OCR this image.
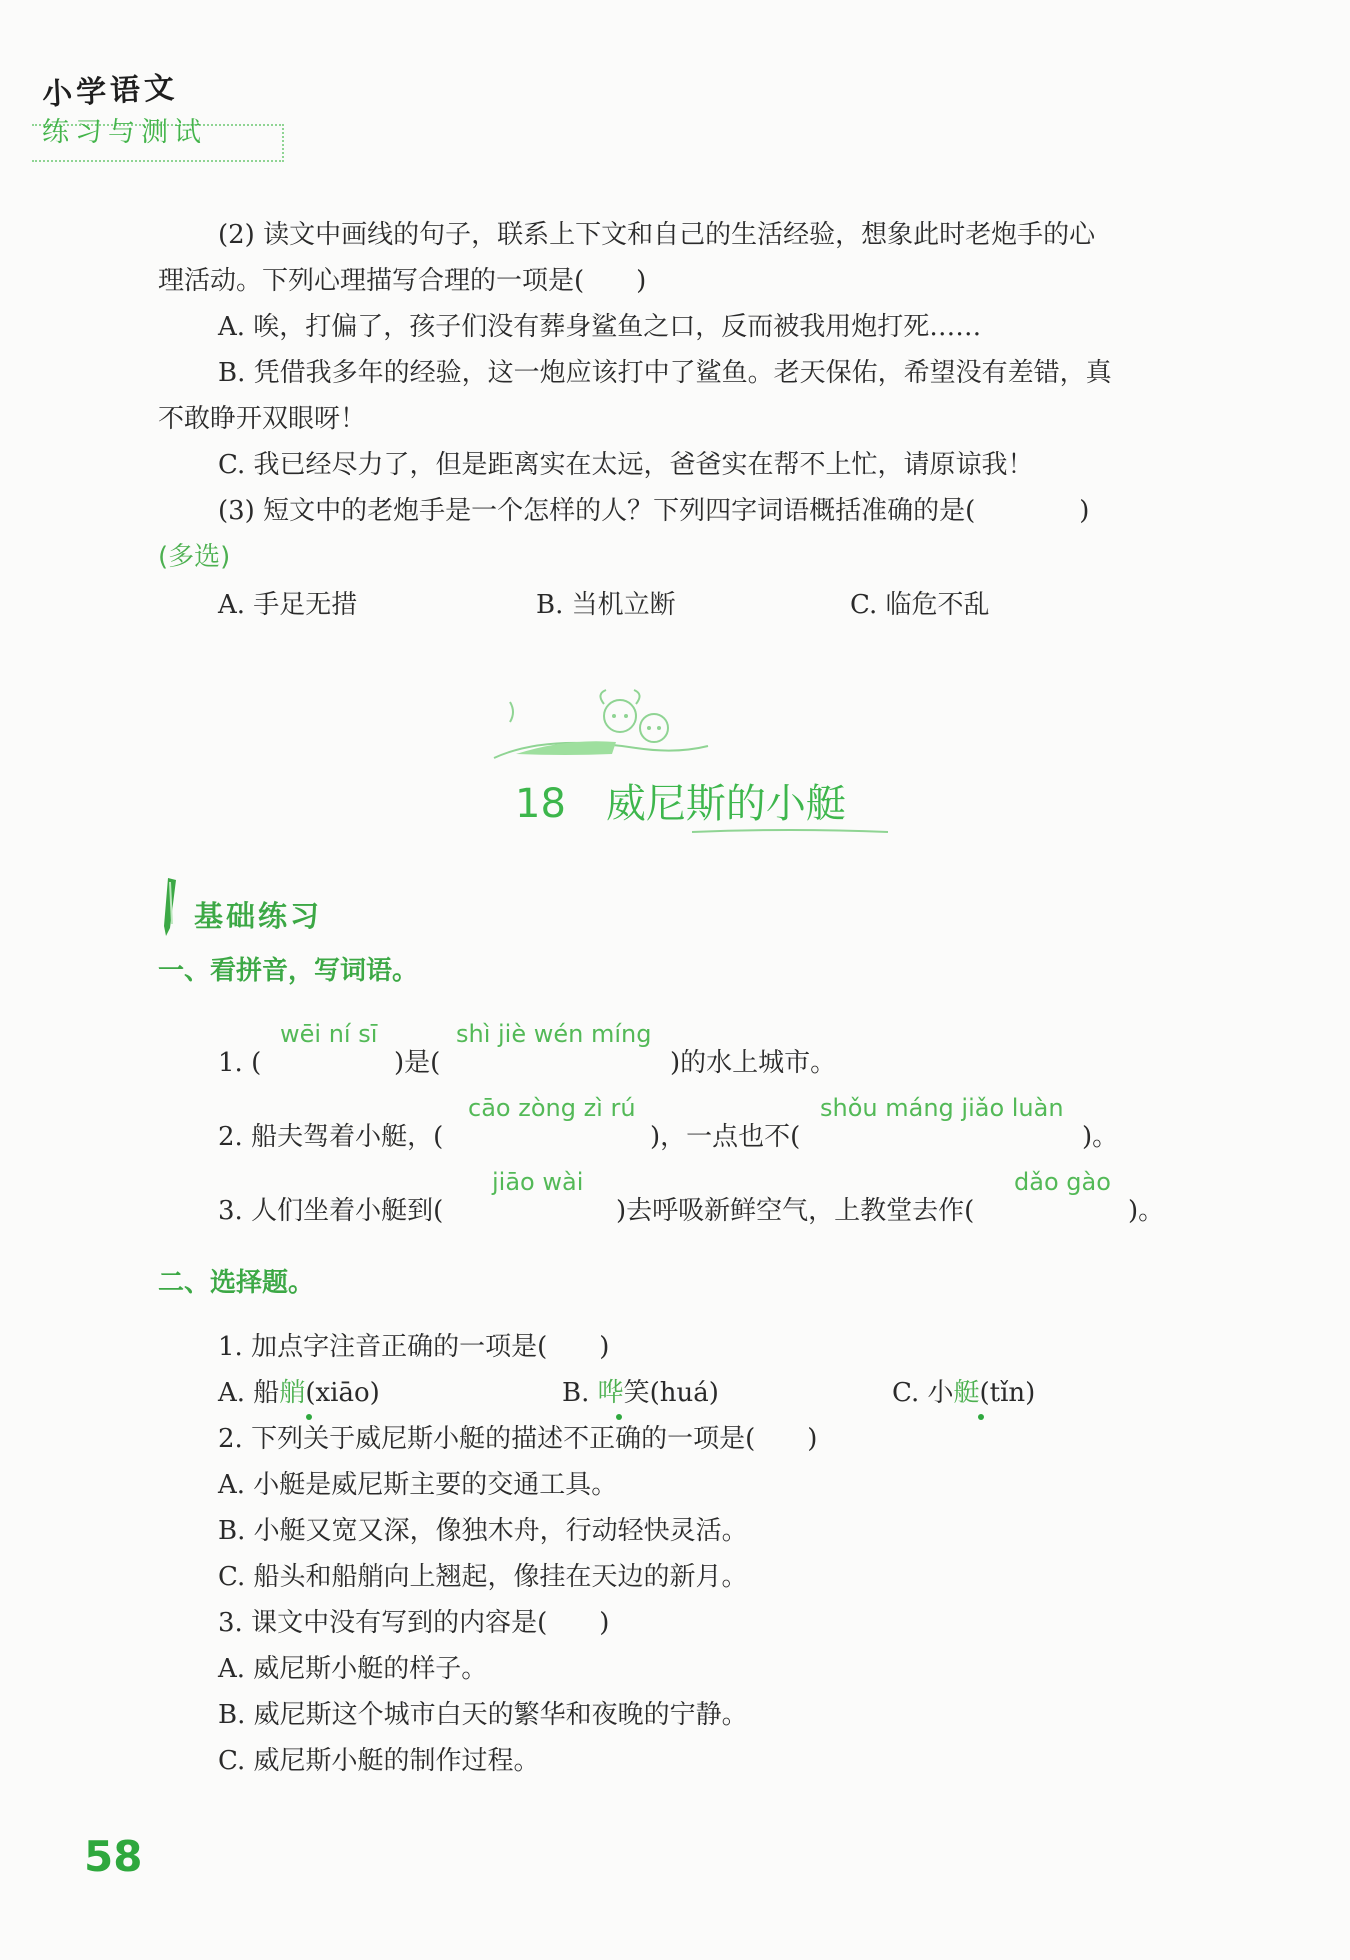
小学语文
练习与测试
(2) 读文中画线的句子，联系上下文和自己的生活经验，想象此时老炮手的心
理活动。下列心理描写合理的一项是(　　)
A. 唉，打偏了，孩子们没有葬身鲨鱼之口，反而被我用炮打死……
B. 凭借我多年的经验，这一炮应该打中了鲨鱼。老天保佑，希望没有差错，真
不敢睁开双眼呀！
C. 我已经尽力了，但是距离实在太远，爸爸实在帮不上忙，请原谅我！
(3) 短文中的老炮手是一个怎样的人？下列四字词语概括准确的是(　　　　)
(多选)
A. 手足无措	B. 当机立断	C. 临危不乱
18 威尼斯的小艇
基础练习
一、看拼音，写词语。
wēi ní sī	shì jiè wén míng
1. (	)是(	)的水上城市。
cāo zòng zì rú	shǒu máng jiǎo luàn
2. 船夫驾着小艇，(	)，一点也不(	)。
jiāo wài	dǎo gào
3. 人们坐着小艇到(	)去呼吸新鲜空气，上教堂去作(	)。
二、选择题。
1. 加点字注音正确的一项是(　　)
A. 船艄(xiāo)	B. 哗笑(huá)	C. 小艇(tǐn)
2. 下列关于威尼斯小艇的描述不正确的一项是(　　)
A. 小艇是威尼斯主要的交通工具。
B. 小艇又宽又深，像独木舟，行动轻快灵活。
C. 船头和船艄向上翘起，像挂在天边的新月。
3. 课文中没有写到的内容是(　　)
A. 威尼斯小艇的样子。
B. 威尼斯这个城市白天的繁华和夜晚的宁静。
C. 威尼斯小艇的制作过程。
58
